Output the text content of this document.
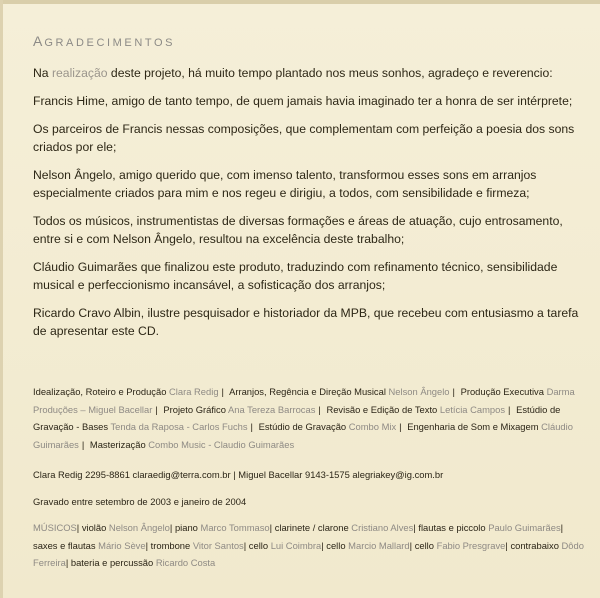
AGRADECIMENTOS

Na realização deste projeto, há muito tempo plantado nos meus sonhos, agradeço e reverencio:

Francis Hime, amigo de tanto tempo, de quem jamais havia imaginado ter a honra de ser intérprete;

Os parceiros de Francis nessas composições, que complementam com perfeição a poesia dos sons criados por ele;

Nelson Ângelo, amigo querido que, com imenso talento, transformou esses sons em arranjos especialmente criados para mim e nos regeu e dirigiu, a todos, com sensibilidade e firmeza;

Todos os músicos, instrumentistas de diversas formações e áreas de atuação, cujo entrosamento, entre si e com Nelson Ângelo, resultou na excelência deste trabalho;

Cláudio Guimarães que finalizou este produto, traduzindo com refinamento técnico, sensibilidade musical e perfeccionismo incansável, a sofisticação dos arranjos;

Ricardo Cravo Albin, ilustre pesquisador e historiador da MPB, que recebeu com entusiasmo a tarefa de apresentar este CD.

Idealização, Roteiro e Produção Clara Redig | Arranjos, Regência e Direção Musical Nelson Ângelo | Produção Executiva Darma Produções – Miguel Bacellar | Projeto Gráfico Ana Tereza Barrocas | Revisão e Edição de Texto Letícia Campos | Estúdio de Gravação - Bases Tenda da Raposa - Carlos Fuchs | Estúdio de Gravação Combo Mix | Engenharia de Som e Mixagem Cláudio Guimarães | Masterização Combo Music - Claudio Guimarães
Clara Redig 2295-8861 claraedig@terra.com.br | Miguel Bacellar 9143-1575 alegriakey@ig.com.br
Gravado entre setembro de 2003 e janeiro de 2004
MÚSICOS| violão Nelson Ângelo| piano Marco Tommaso| clarinete / clarone Cristiano Alves| flautas e piccolo Paulo Guimarães| saxes e flautas Mário Sève| trombone Vitor Santos| cello Lui Coimbra| cello Marcio Mallard| cello Fabio Presgrave| contrabaixo Dôdo Ferreira| bateria e percussão Ricardo Costa
